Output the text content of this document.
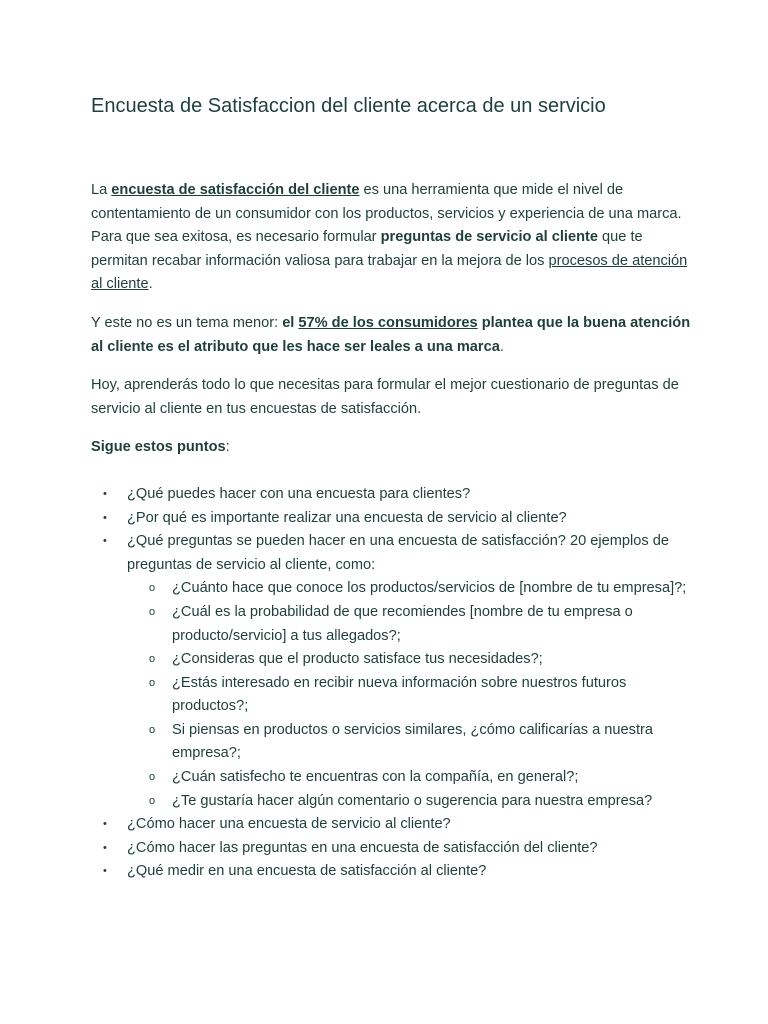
Encuesta de Satisfaccion del cliente acerca de un servicio

La encuesta de satisfacción del cliente es una herramienta que mide el nivel de contentamiento de un consumidor con los productos, servicios y experiencia de una marca. Para que sea exitosa, es necesario formular preguntas de servicio al cliente que te permitan recabar información valiosa para trabajar en la mejora de los procesos de atención al cliente.

Y este no es un tema menor: el 57% de los consumidores plantea que la buena atención al cliente es el atributo que les hace ser leales a una marca.

Hoy, aprenderás todo lo que necesitas para formular el mejor cuestionario de preguntas de servicio al cliente en tus encuestas de satisfacción.

Sigue estos puntos:

• ¿Qué puedes hacer con una encuesta para clientes?
• ¿Por qué es importante realizar una encuesta de servicio al cliente?
• ¿Qué preguntas se pueden hacer en una encuesta de satisfacción? 20 ejemplos de preguntas de servicio al cliente, como:
o ¿Cuánto hace que conoce los productos/servicios de [nombre de tu empresa]?;
o ¿Cuál es la probabilidad de que recomiendes [nombre de tu empresa o producto/servicio] a tus allegados?;
o ¿Consideras que el producto satisface tus necesidades?;
o ¿Estás interesado en recibir nueva información sobre nuestros futuros productos?;
o Si piensas en productos o servicios similares, ¿cómo calificarías a nuestra empresa?;
o ¿Cuán satisfecho te encuentras con la compañía, en general?;
o ¿Te gustaría hacer algún comentario o sugerencia para nuestra empresa?
• ¿Cómo hacer una encuesta de servicio al cliente?
• ¿Cómo hacer las preguntas en una encuesta de satisfacción del cliente?
• ¿Qué medir en una encuesta de satisfacción al cliente?
